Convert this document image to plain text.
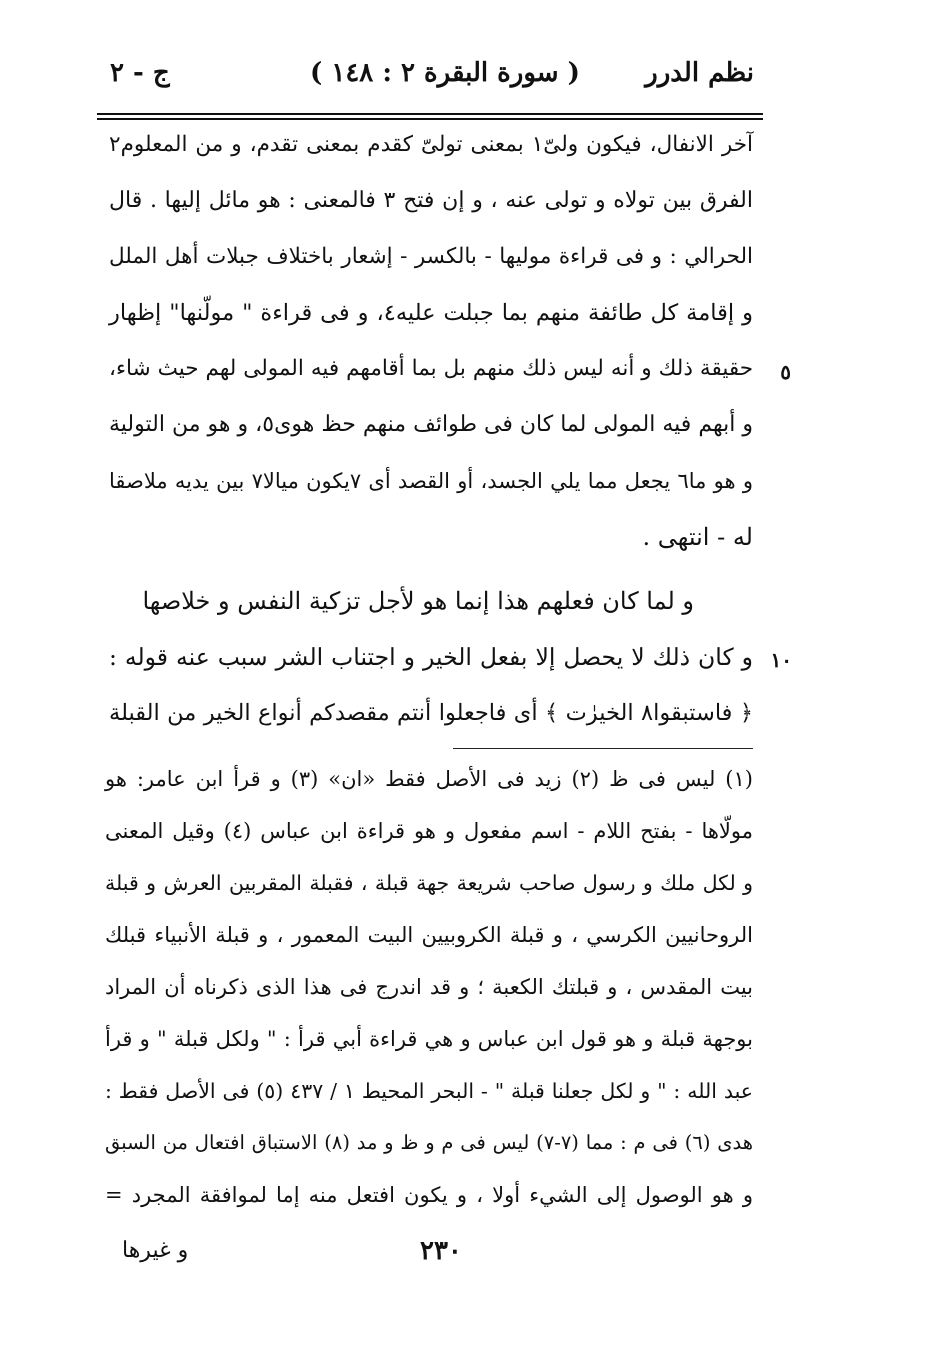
نظم الدرر
( سورة البقرة ٢ : ١٤٨ )
ج - ٢
آخر الانفال، فيكون ولىّ١ بمعنى تولىّ كقدم بمعنى تقدم، و من المعلوم٢
الفرق بين تولاه و تولى عنه ، و إن فتح ٣ فالمعنى : هو مائل إليها . قال
الحرالي : و فى قراءة موليها - بالكسر - إشعار باختلاف جبلات أهل الملل
و إقامة كل طائفة منهم بما جبلت عليه٤، و فى قراءة " مولّنها" إظهار
٥
حقيقة ذلك و أنه ليس ذلك منهم بل بما أقامهم فيه المولى لهم حيث شاء،
و أبهم فيه المولى لما كان فى طوائف منهم حظ هوى٥، و هو من التولية
و هو ما٦ يجعل مما يلي الجسد، أو القصد أى ٧يكون ميالا٧ بين يديه ملاصقا
له - انتهى .
و لما كان فعلهم هذا إنما هو لأجل تزكية النفس و خلاصها
١٠
و كان ذلك لا يحصل إلا بفعل الخير و اجتناب الشر سبب عنه قوله :
﴿ فاستبقوا٨ الخيرٰت ﴾ أى فاجعلوا أنتم مقصدكم أنواع الخير من القبلة
(١) ليس فى ظ (٢) زيد فى الأصل فقط «ان» (٣) و قرأ ابن عامر: هو
مولّاها - بفتح اللام - اسم مفعول و هو قراءة ابن عباس (٤) وقيل المعنى
و لكل ملك و رسول صاحب شريعة جهة قبلة ، فقبلة المقربين العرش و قبلة
الروحانيين الكرسي ، و قبلة الكروبيين البيت المعمور ، و قبلة الأنبياء قبلك
بيت المقدس ، و قبلتك الكعبة ؛ و قد اندرج فى هذا الذى ذكرناه أن المراد
بوجهة قبلة و هو قول ابن عباس و هي قراءة أبي قرأ : " ولكل قبلة " و قرأ
عبد الله : " و لكل جعلنا قبلة " - البحر المحيط ١ / ٤٣٧ (٥) فى الأصل فقط :
هدى (٦) فى م : مما (٧-٧) ليس فى م و ظ و مد (٨) الاستباق افتعال من السبق
و هو الوصول إلى الشيء أولا ، و يكون افتعل منه إما لموافقة المجرد =
٢٣٠
و غيرها
